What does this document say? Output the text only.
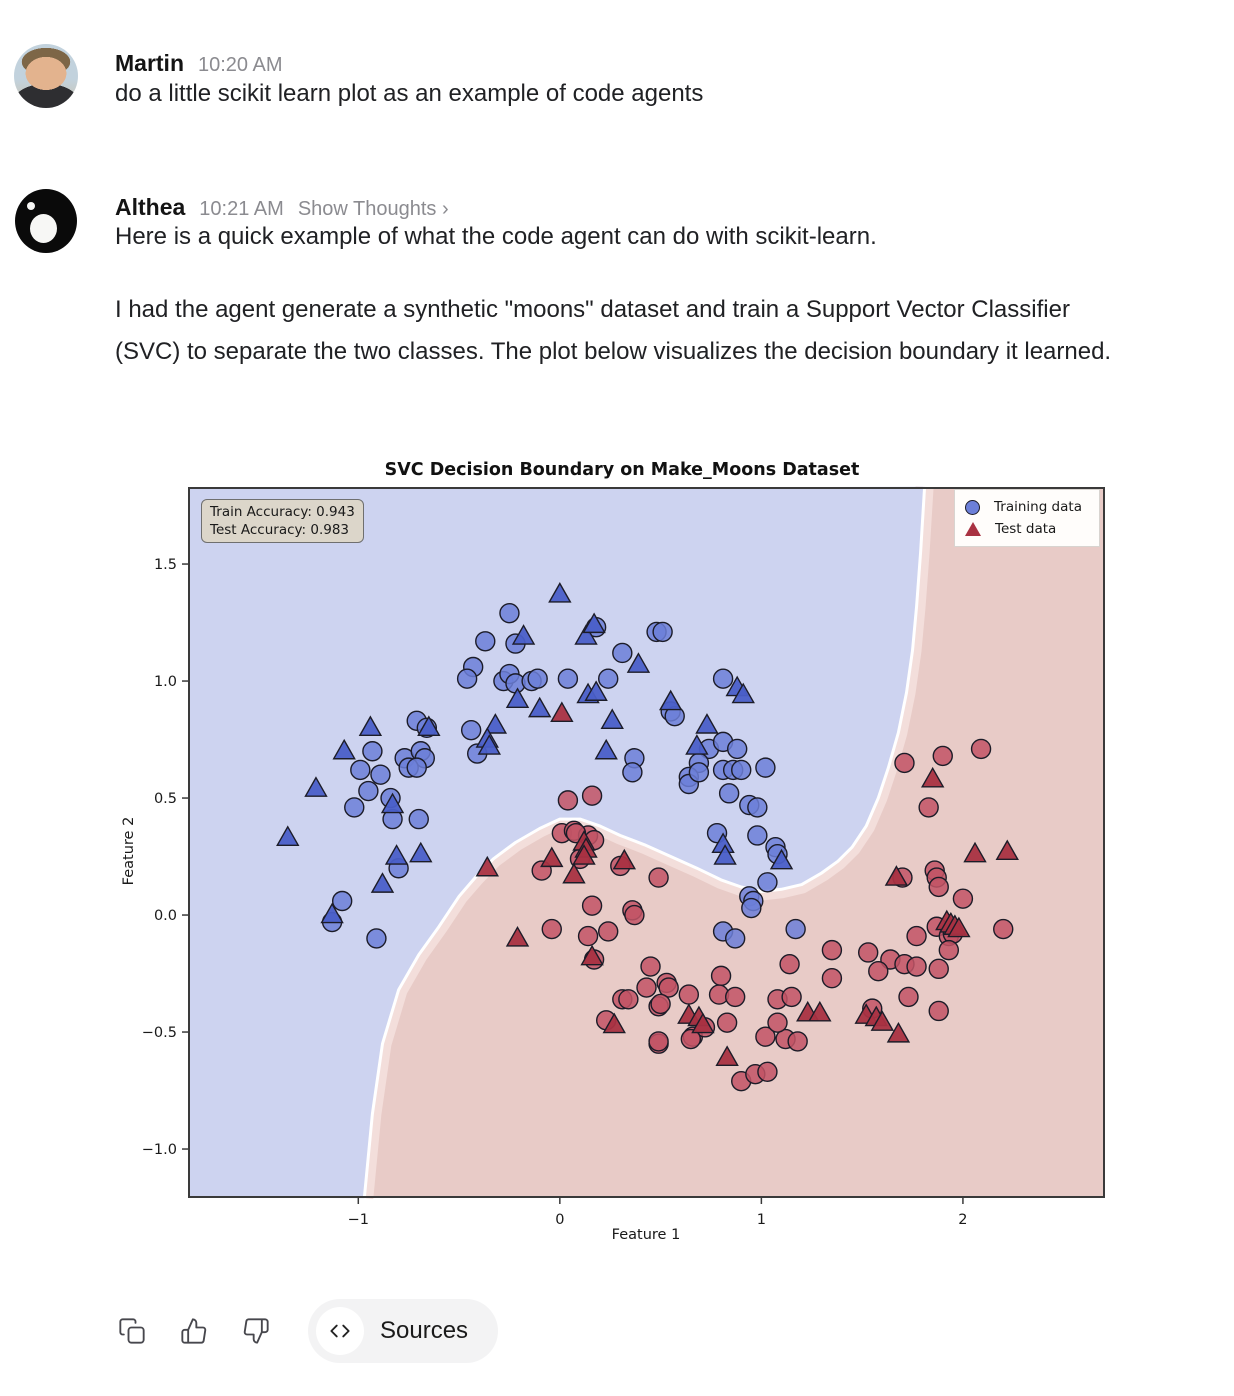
Martin 10:20 AM

do a little scikit learn plot as an example of code agents

Althea 10:21 AM Show Thoughts ›

Here is a quick example of what the code agent can do with scikit-learn.

I had the agent generate a synthetic "moons" dataset and train a Support Vector Classifier (SVC) to separate the two classes. The plot below visualizes the decision boundary it learned.

SVC Decision Boundary on Make_Moons Dataset
−1	0	1	2
1.5
1.0
0.5
0.0
−0.5
−1.0
Train Accuracy: 0.943
Test Accuracy: 0.983
Training data
Test data
Feature 1
Feature 2
Sources
